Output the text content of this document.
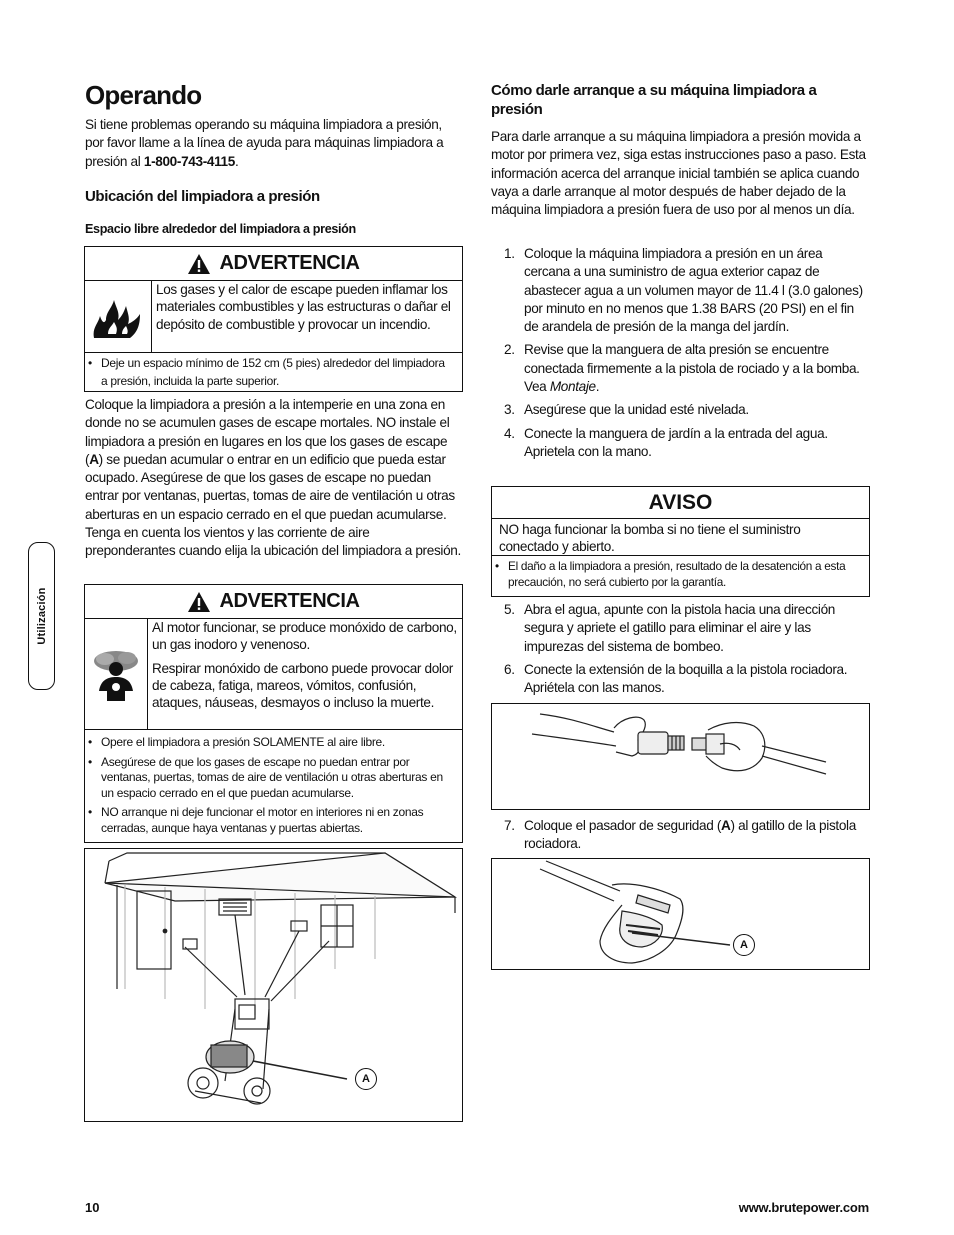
Utilización
Operando

Si tiene problemas operando su máquina limpiadora a presión, por favor llame a la línea de ayuda para máquinas limpiadora a presión al 1-800-743-4115.

Ubicación del limpiadora a presión
Espacio libre alrededor del limpiadora a presión
ADVERTENCIA

Los gases y el calor de escape pueden inflamar los materiales combustibles y las estructuras o dañar el depósito de combustible y provocar un incendio.

• Deje un espacio mínimo de 152 cm (5 pies) alrededor del limpiadora a presión, incluida la parte superior.

Coloque la limpiadora a presión a la intemperie en una zona en donde no se acumulen gases de escape mortales. NO instale el limpiadora a presión en lugares en los que los gases de escape (A) se puedan acumular o entrar en un edificio que pueda estar ocupado. Asegúrese de que los gases de escape no puedan entrar por ventanas, puertas, tomas de aire de ventilación u otras aberturas en un espacio cerrado en el que puedan acumularse. Tenga en cuenta los vientos y las corriente de aire preponderantes cuando elija la ubicación del limpiadora a presión.

ADVERTENCIA

Al motor funcionar, se produce monóxido de carbono, un gas inodoro y venenoso.

Respirar monóxido de carbono puede provocar dolor de cabeza, fatiga, mareos, vómitos, confusión, ataques, náuseas, desmayos o incluso la muerte.

• Opere el limpiadora a presión SOLAMENTE al aire libre.
• Asegúrese de que los gases de escape no puedan entrar por ventanas, puertas, tomas de aire de ventilación u otras aberturas en un espacio cerrado en el que puedan acumularse.
• NO arranque ni deje funcionar el motor en interiores ni en zonas cerradas, aunque haya ventanas y puertas abiertas.
A
Cómo darle arranque a su máquina limpiadora a presión

Para darle arranque a su máquina limpiadora a presión movida a motor por primera vez, siga estas instrucciones paso a paso. Esta información acerca del arranque inicial también se aplica cuando vaya a darle arranque al motor después de haber dejado de la máquina limpiadora a presión fuera de uso por al menos un día.

1. Coloque la máquina limpiadora a presión en un área cercana a una suministro de agua exterior capaz de abastecer agua a un volumen mayor de 11.4 l (3.0 galones) por minuto en no menos que 1.38 BARS (20 PSI) en el fin de arandela de presión de la manga del jardín.
2. Revise que la manguera de alta presión se encuentre conectada firmemente a la pistola de rociado y a la bomba. Vea Montaje.
3. Asegúrese que la unidad esté nivelada.
4. Conecte la manguera de jardín a la entrada del agua. Aprietela con la mano.
AVISO

NO haga funcionar la bomba si no tiene el suministro conectado y abierto.

• El daño a la limpiadora a presión, resultado de la desatención a esta precaución, no será cubierto por la garantía.
5. Abra el agua, apunte con la pistola hacia una dirección segura y apriete el gatillo para eliminar el aire y las impurezas del sistema de bombeo.
6. Conecte la extensión de la boquilla a la pistola rociadora. Apriétela con las manos.
7. Coloque el pasador de seguridad (A) al gatillo de la pistola rociadora.
A
10	www.brutepower.com
